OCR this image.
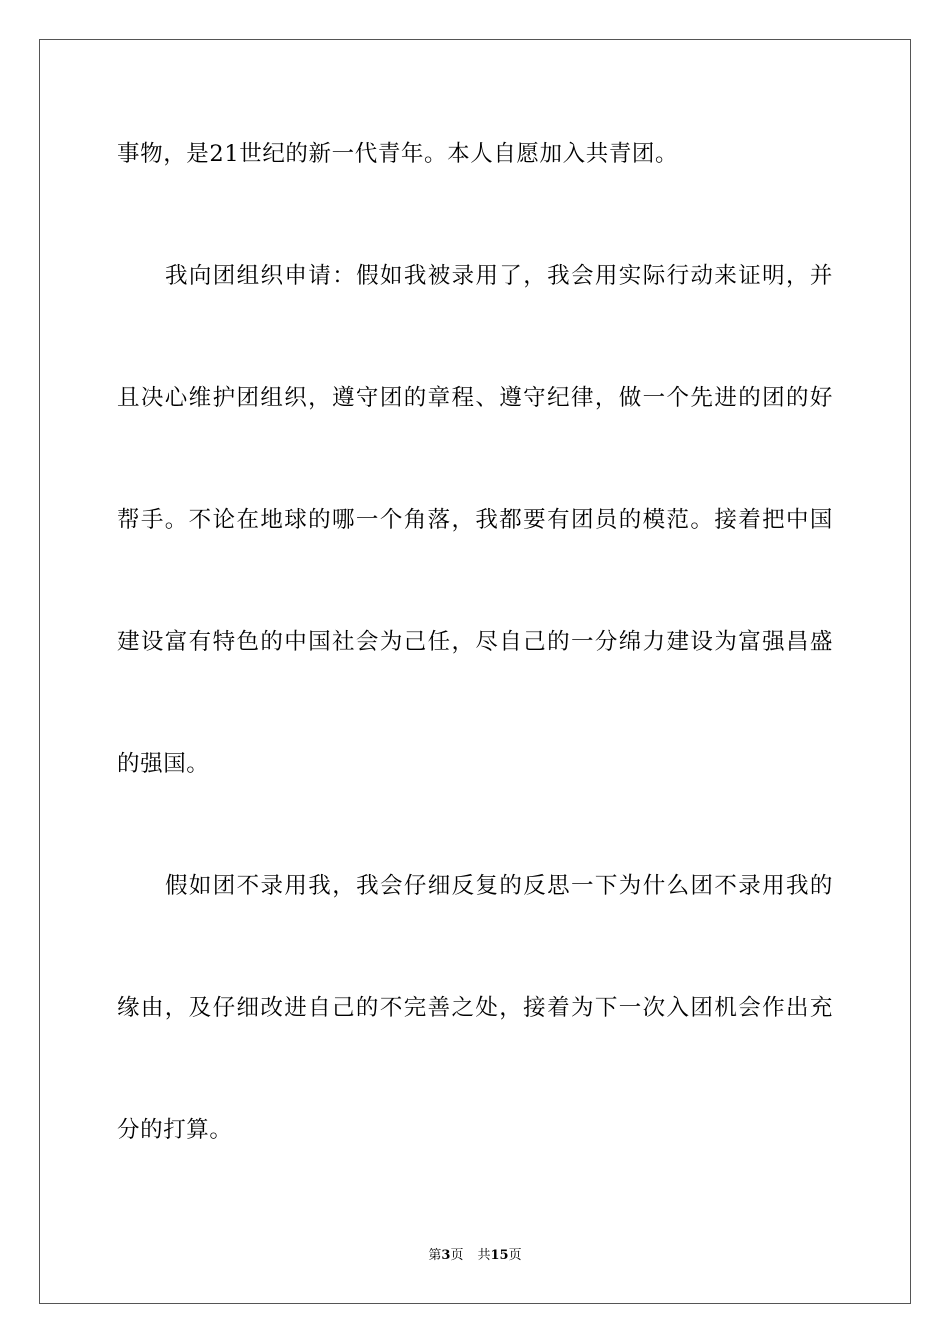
事物，是21世纪的新一代青年。本人自愿加入共青团。
我向团组织申请：假如我被录用了，我会用实际行动来证明，并
且决心维护团组织，遵守团的章程、遵守纪律，做一个先进的团的好
帮手。不论在地球的哪一个角落，我都要有团员的模范。接着把中国
建设富有特色的中国社会为己任，尽自己的一分绵力建设为富强昌盛
的强国。
假如团不录用我，我会仔细反复的反思一下为什么团不录用我的
缘由，及仔细改进自己的不完善之处，接着为下一次入团机会作出充
分的打算。
第3页 共15页
